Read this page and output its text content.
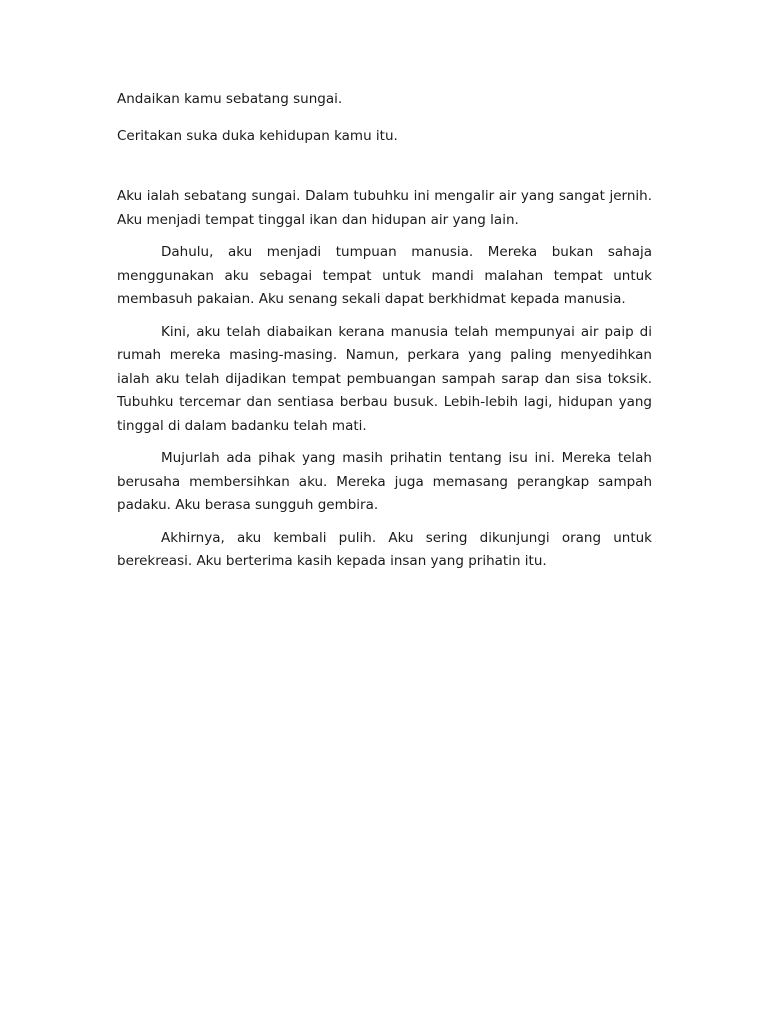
Andaikan kamu sebatang sungai.

Ceritakan suka duka kehidupan kamu itu.

Aku ialah sebatang sungai. Dalam tubuhku ini mengalir air yang sangat jernih. Aku menjadi tempat tinggal ikan dan hidupan air yang lain.

Dahulu, aku menjadi tumpuan manusia. Mereka bukan sahaja menggunakan aku sebagai tempat untuk mandi malahan tempat untuk membasuh pakaian. Aku senang sekali dapat berkhidmat kepada manusia.

Kini, aku telah diabaikan kerana manusia telah mempunyai air paip di rumah mereka masing-masing. Namun, perkara yang paling menyedihkan ialah aku telah dijadikan tempat pembuangan sampah sarap dan sisa toksik. Tubuhku tercemar dan sentiasa berbau busuk. Lebih-lebih lagi, hidupan yang tinggal di dalam badanku telah mati.

Mujurlah ada pihak yang masih prihatin tentang isu ini. Mereka telah berusaha membersihkan aku. Mereka juga memasang perangkap sampah padaku. Aku berasa sungguh gembira.

Akhirnya, aku kembali pulih. Aku sering dikunjungi orang untuk berekreasi. Aku berterima kasih kepada insan yang prihatin itu.
